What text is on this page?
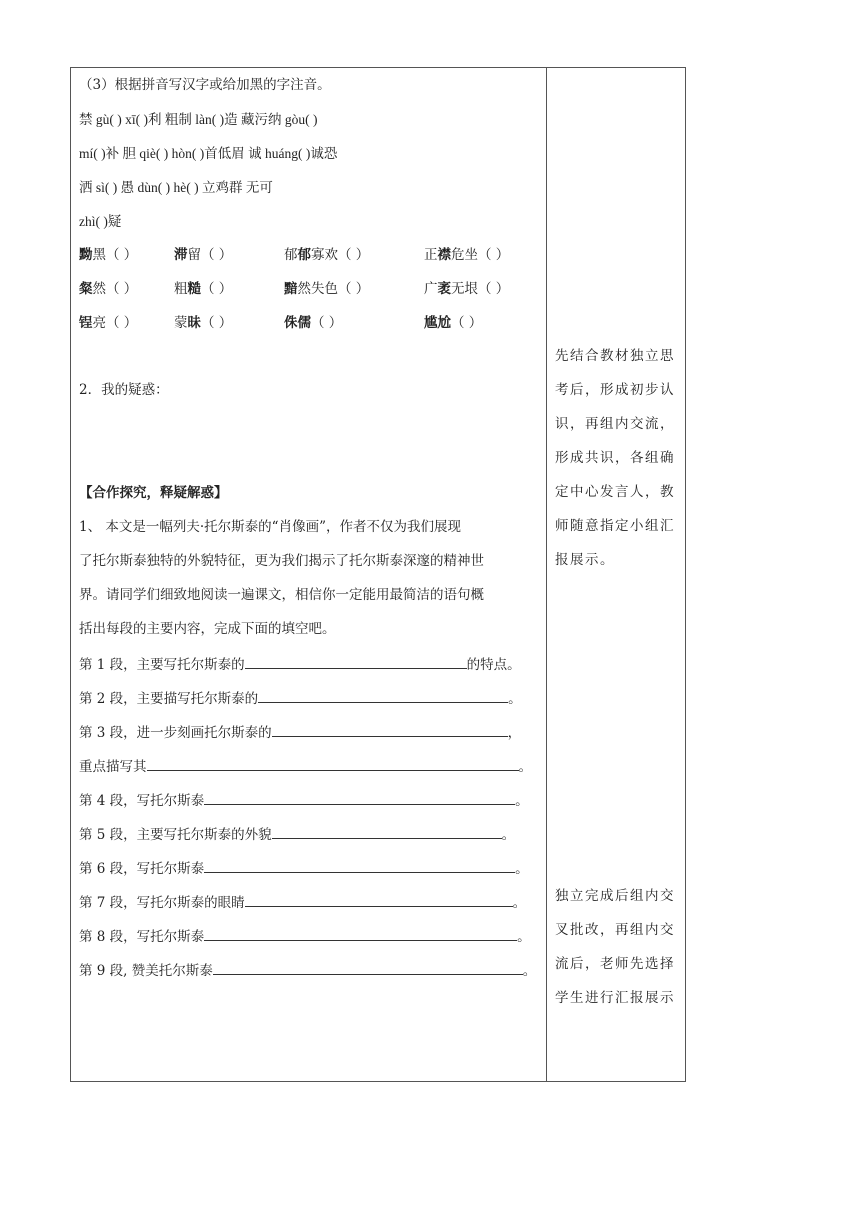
（3）根据拼音写汉字或给加黑的字注音。
禁 gù( ) xī( )利 粗制 làn( )造 藏污纳 gòu( )
mí( )补 胆 qiè( ) hòn( )首低眉 诚 huáng( )诚恐
洒 sì( ) 愚 dùn( ) hè( ) 立鸡群 无可
zhì( )疑
黝黑（ ）	滞留（ ）	郁郁寡欢（ ）	正襟危坐（ ）
粲然（ ）	粗糙（ ）	黯然失色（ ）	广袤无垠（ ）
锃亮（ ）	蒙昧（ ）	侏儒（ ）	尴尬（ ）
2．我的疑惑：
【合作探究，释疑解惑】
1、 本文是一幅列夫·托尔斯泰的“肖像画”，作者不仅为我们展现
了托尔斯泰独特的外貌特征，更为我们揭示了托尔斯泰深邃的精神世
界。请同学们细致地阅读一遍课文，相信你一定能用最简洁的语句概
括出每段的主要内容，完成下面的填空吧。
第 1 段，主要写托尔斯泰的	的特点。
第 2 段，主要描写托尔斯泰的	。
第 3 段，进一步刻画托尔斯泰的	，
重点描写其	。
第 4 段，写托尔斯泰	。
第 5 段，主要写托尔斯泰的外貌	。
第 6 段，写托尔斯泰	。
第 7 段，写托尔斯泰的眼睛	。
第 8 段，写托尔斯泰	。
第 9 段, 赞美托尔斯泰	。
先结合教材独立思
考后，形成初步认
识，再组内交流，
形成共识，各组确
定中心发言人，教
师随意指定小组汇
报展示。
独立完成后组内交
叉批改，再组内交
流后，老师先选择
学生进行汇报展示
